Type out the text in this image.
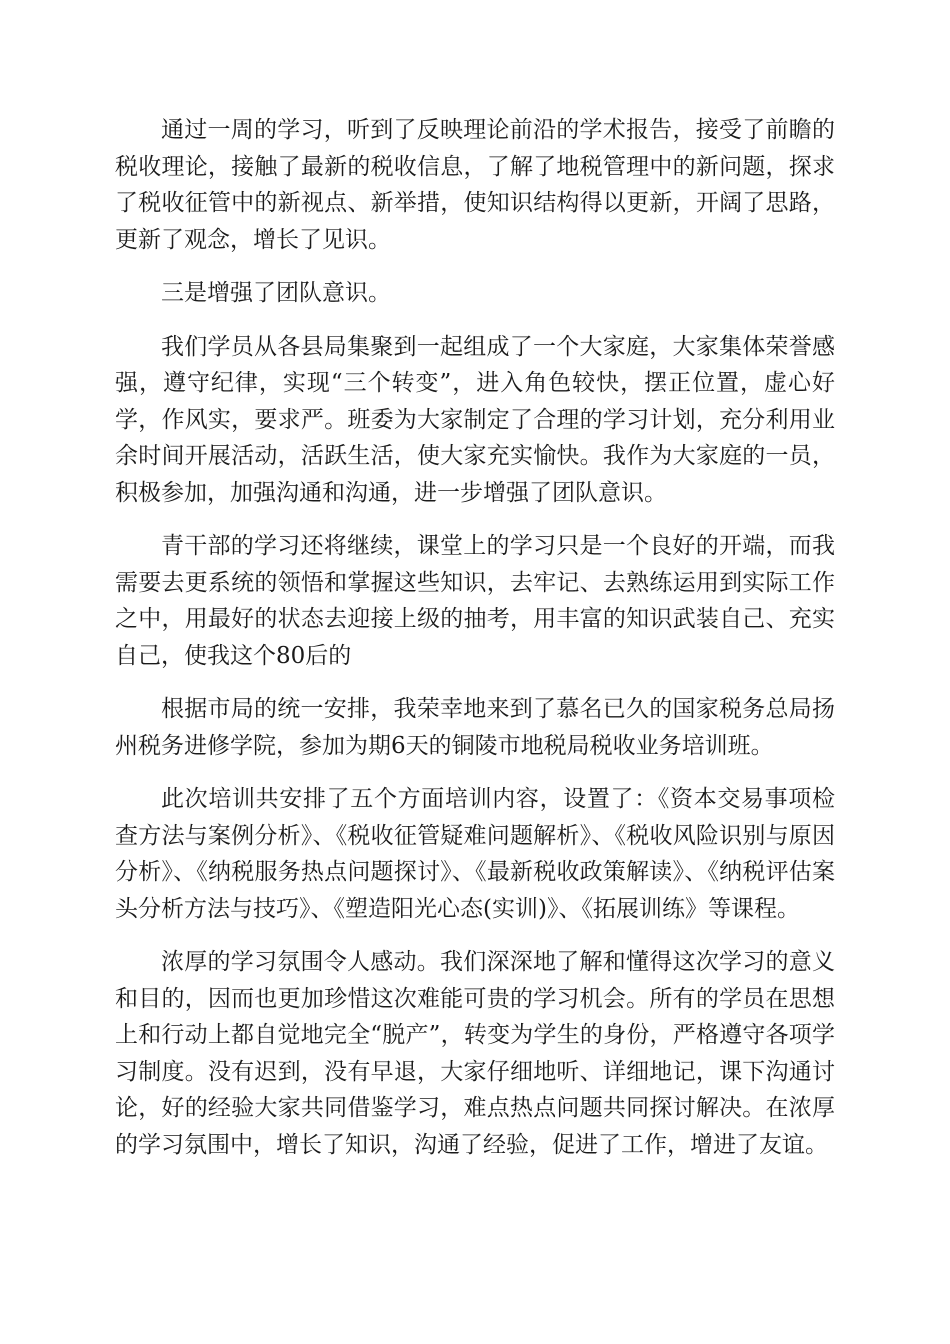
通过一周的学习，听到了反映理论前沿的学术报告，接受了前瞻的税收理论，接触了最新的税收信息，了解了地税管理中的新问题，探求了税收征管中的新视点、新举措，使知识结构得以更新，开阔了思路，更新了观念，增长了见识。

三是增强了团队意识。

我们学员从各县局集聚到一起组成了一个大家庭，大家集体荣誉感强，遵守纪律，实现“三个转变”，进入角色较快，摆正位置，虚心好学，作风实，要求严。班委为大家制定了合理的学习计划，充分利用业余时间开展活动，活跃生活，使大家充实愉快。我作为大家庭的一员，积极参加，加强沟通和沟通，进一步增强了团队意识。

青干部的学习还将继续，课堂上的学习只是一个良好的开端，而我需要去更系统的领悟和掌握这些知识，去牢记、去熟练运用到实际工作之中，用最好的状态去迎接上级的抽考，用丰富的知识武装自己、充实自己，使我这个80后的

根据市局的统一安排，我荣幸地来到了慕名已久的国家税务总局扬州税务进修学院，参加为期6天的铜陵市地税局税收业务培训班。

此次培训共安排了五个方面培训内容，设置了：《资本交易事项检查方法与案例分析》、《税收征管疑难问题解析》、《税收风险识别与原因分析》、《纳税服务热点问题探讨》、《最新税收政策解读》、《纳税评估案头分析方法与技巧》、《塑造阳光心态(实训)》、《拓展训练》等课程。

浓厚的学习氛围令人感动。我们深深地了解和懂得这次学习的意义和目的，因而也更加珍惜这次难能可贵的学习机会。所有的学员在思想上和行动上都自觉地完全“脱产”，转变为学生的身份，严格遵守各项学习制度。没有迟到，没有早退，大家仔细地听、详细地记，课下沟通讨论，好的经验大家共同借鉴学习，难点热点问题共同探讨解决。在浓厚的学习氛围中，增长了知识，沟通了经验，促进了工作，增进了友谊。
